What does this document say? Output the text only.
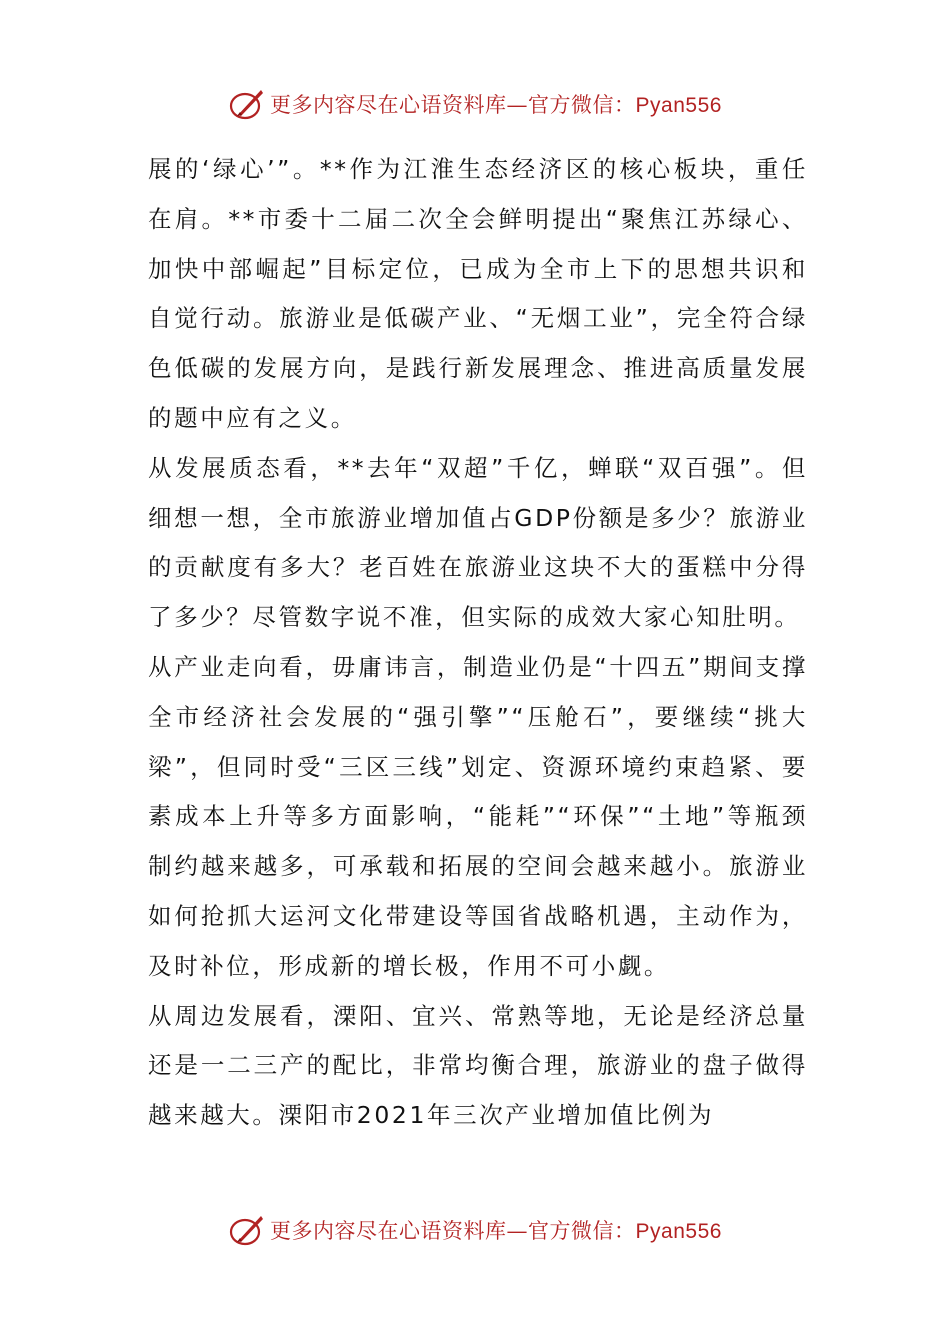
更多内容尽在心语资料库—官方微信：Pyan556

展的‘绿心’”。**作为江淮生态经济区的核心板块，重任在肩。**市委十二届二次全会鲜明提出“聚焦江苏绿心、加快中部崛起”目标定位，已成为全市上下的思想共识和自觉行动。旅游业是低碳产业、“无烟工业”，完全符合绿色低碳的发展方向，是践行新发展理念、推进高质量发展的题中应有之义。

从发展质态看，**去年“双超”千亿，蝉联“双百强”。但细想一想，全市旅游业增加值占GDP份额是多少？旅游业的贡献度有多大？老百姓在旅游业这块不大的蛋糕中分得了多少？尽管数字说不准，但实际的成效大家心知肚明。

从产业走向看，毋庸讳言，制造业仍是“十四五”期间支撑全市经济社会发展的“强引擎”“压舱石”，要继续“挑大梁”，但同时受“三区三线”划定、资源环境约束趋紧、要素成本上升等多方面影响，“能耗”“环保”“土地”等瓶颈制约越来越多，可承载和拓展的空间会越来越小。旅游业如何抢抓大运河文化带建设等国省战略机遇，主动作为，及时补位，形成新的增长极，作用不可小觑。

从周边发展看，溧阳、宜兴、常熟等地，无论是经济总量还是一二三产的配比，非常均衡合理，旅游业的盘子做得越来越大。溧阳市2021年三次产业增加值比例为

更多内容尽在心语资料库—官方微信：Pyan556
